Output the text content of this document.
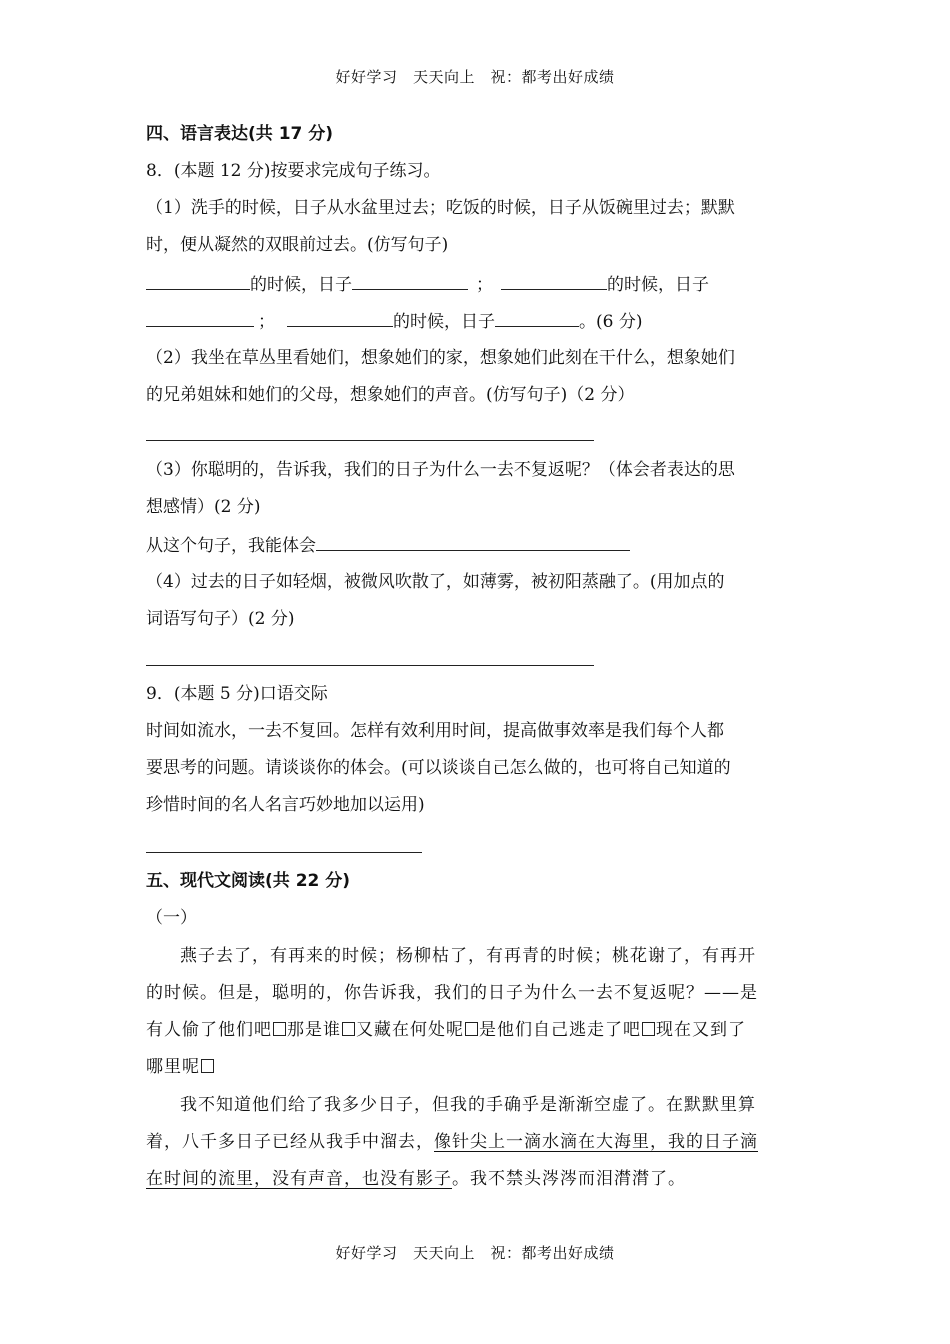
好好学习　天天向上　祝：都考出好成绩
四、语言表达(共 17 分)
8．(本题 12 分)按要求完成句子练习。
（1）洗手的时候，日子从水盆里过去；吃饭的时候，日子从饭碗里过去；默默
时，便从凝然的双眼前过去。(仿写句子)
的时候，日子	；	的时候，日子
；	的时候，日子	。(6 分)
（2）我坐在草丛里看她们，想象她们的家，想象她们此刻在干什么，想象她们
的兄弟姐妹和她们的父母，想象她们的声音。(仿写句子)（2 分）
（3）你聪明的，告诉我，我们的日子为什么一去不复返呢？（体会者表达的思
想感情）(2 分)
从这个句子，我能体会
（4）过去的日子如轻烟，被微风吹散了，如薄雾，被初阳蒸融了。(用加点的
词语写句子）(2 分)
9．(本题 5 分)口语交际
时间如流水，一去不复回。怎样有效利用时间，提高做事效率是我们每个人都
要思考的问题。请谈谈你的体会。(可以谈谈自己怎么做的，也可将自己知道的
珍惜时间的名人名言巧妙地加以运用)
五、现代文阅读(共 22 分)
（一）
燕子去了，有再来的时候；杨柳枯了，有再青的时候；桃花谢了，有再开
的时候。但是，聪明的，你告诉我，我们的日子为什么一去不复返呢？——是
有人偷了他们吧 那是谁 又藏在何处呢 是他们自己逃走了吧 现在又到了
哪里呢
我不知道他们给了我多少日子，但我的手确乎是渐渐空虚了。在默默里算
着，八千多日子已经从我手中溜去，像针尖上一滴水滴在大海里，我的日子滴
在时间的流里，没有声音，也没有影子。我不禁头涔涔而泪潸潸了。
好好学习　天天向上　祝：都考出好成绩
